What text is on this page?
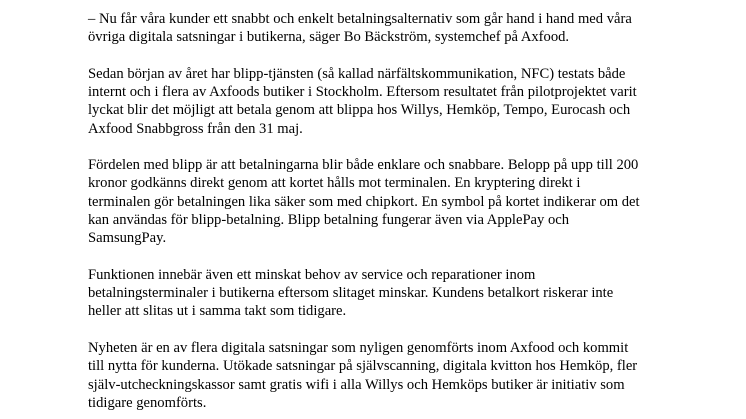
– Nu får våra kunder ett snabbt och enkelt betalningsalternativ som går hand i hand med våra
övriga digitala satsningar i butikerna, säger Bo Bäckström, systemchef på Axfood.

Sedan början av året har blipp-tjänsten (så kallad närfältskommunikation, NFC) testats både
internt och i flera av Axfoods butiker i Stockholm. Eftersom resultatet från pilotprojektet varit
lyckat blir det möjligt att betala genom att blippa hos Willys, Hemköp, Tempo, Eurocash och
Axfood Snabbgross från den 31 maj.

Fördelen med blipp är att betalningarna blir både enklare och snabbare. Belopp på upp till 200
kronor godkänns direkt genom att kortet hålls mot terminalen. En kryptering direkt i
terminalen gör betalningen lika säker som med chipkort. En symbol på kortet indikerar om det
kan användas för blipp-betalning. Blipp betalning fungerar även via ApplePay och
SamsungPay.

Funktionen innebär även ett minskat behov av service och reparationer inom
betalningsterminaler i butikerna eftersom slitaget minskar. Kundens betalkort riskerar inte
heller att slitas ut i samma takt som tidigare.

Nyheten är en av flera digitala satsningar som nyligen genomförts inom Axfood och kommit
till nytta för kunderna. Utökade satsningar på självscanning, digitala kvitton hos Hemköp, fler
själv-utcheckningskassor samt gratis wifi i alla Willys och Hemköps butiker är initiativ som
tidigare genomförts.
